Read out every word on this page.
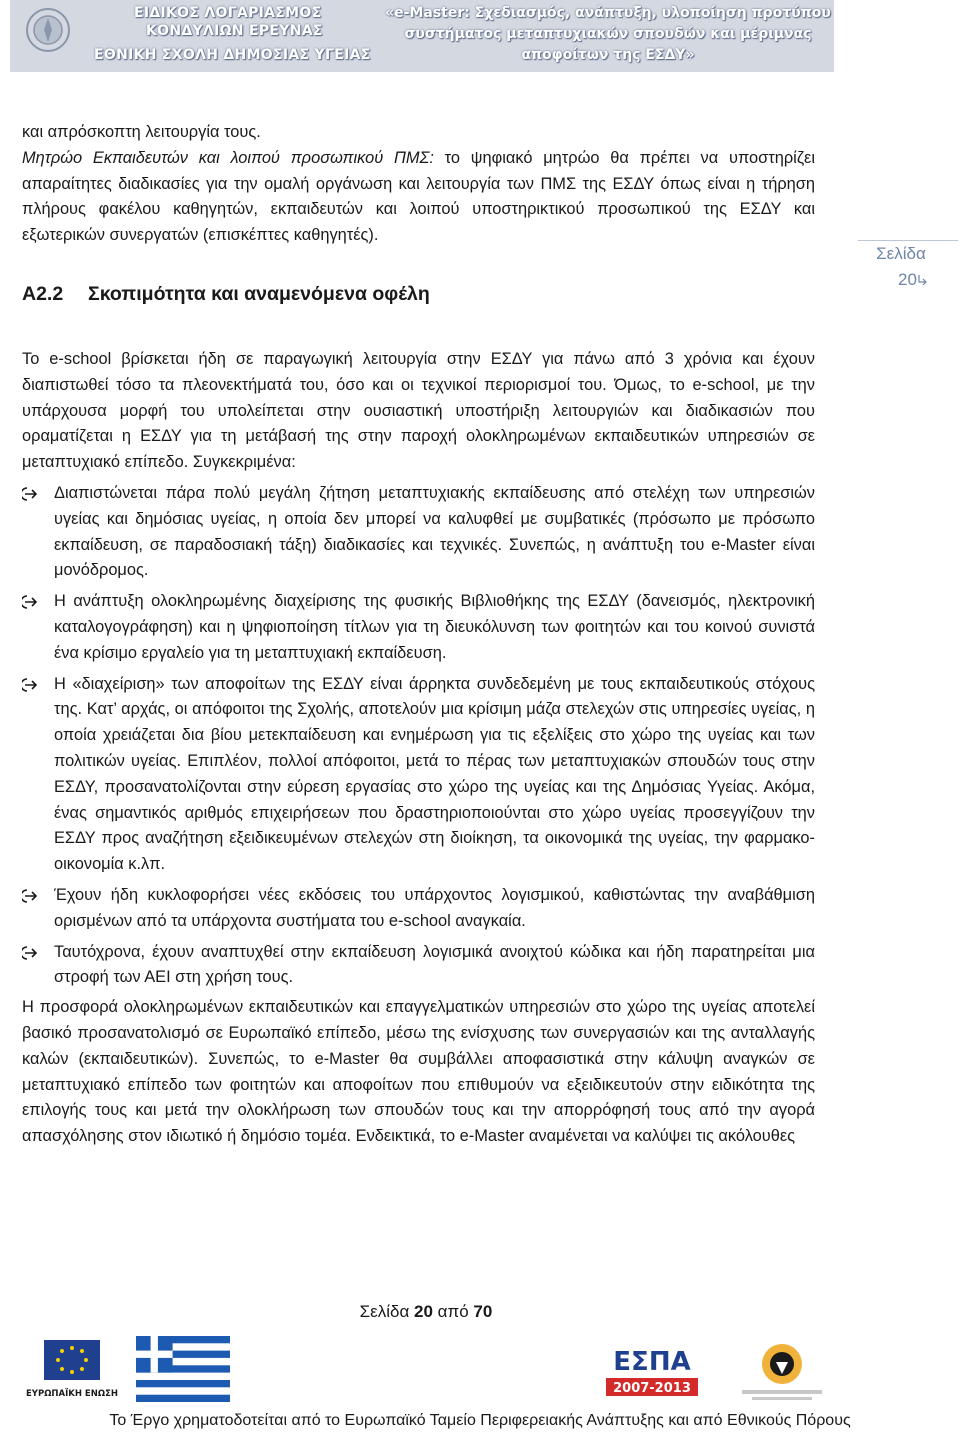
ΕΙΔΙΚΟΣ ΛΟΓΑΡΙΑΣΜΟΣ
ΚΟΝΔΥΛΙΩΝ ΕΡΕΥΝΑΣ
ΕΘΝΙΚΗ ΣΧΟΛΗ ΔΗΜΟΣΙΑΣ ΥΓΕΙΑΣ
«e-Master: Σχεδιασμός, ανάπτυξη, υλοποίηση προτύπου
συστήματος μεταπτυχιακών σπουδών και μέριμνας
αποφοίτων της ΕΣΔΥ»

και απρόσκοπτη λειτουργία τους.

Μητρώο Εκπαιδευτών και λοιπού προσωπικού ΠΜΣ: το ψηφιακό μητρώο θα πρέπει να υποστηρίζει απαραίτητες διαδικασίες για την ομαλή οργάνωση και λειτουργία των ΠΜΣ της ΕΣΔΥ όπως είναι η τήρηση πλήρους φακέλου καθηγητών, εκπαιδευτών και λοιπού υποστηρικτικού προσωπικού της ΕΣΔΥ και εξωτερικών συνεργατών (επισκέπτες καθηγητές).

Α2.2 Σκοπιμότητα και αναμενόμενα οφέλη
Σελίδα
20

Το e-school βρίσκεται ήδη σε παραγωγική λειτουργία στην ΕΣΔΥ για πάνω από 3 χρόνια και έχουν διαπιστωθεί τόσο τα πλεονεκτήματά του, όσο και οι τεχνικοί περιορισμοί του. Όμως, το e-school, με την υπάρχουσα μορφή του υπολείπεται στην ουσιαστική υποστήριξη λειτουργιών και διαδικασιών που οραματίζεται η ΕΣΔΥ για τη μετάβασή της στην παροχή ολοκληρωμένων εκπαιδευτικών υπηρεσιών σε μεταπτυχιακό επίπεδο. Συγκεκριμένα:

Διαπιστώνεται πάρα πολύ μεγάλη ζήτηση μεταπτυχιακής εκπαίδευσης από στελέχη των υπηρεσιών υγείας και δημόσιας υγείας, η οποία δεν μπορεί να καλυφθεί με συμβατικές (πρόσωπο με πρόσωπο εκπαίδευση, σε παραδοσιακή τάξη) διαδικασίες και τεχνικές. Συνεπώς, η ανάπτυξη του e-Master είναι μονόδρομος.
Η ανάπτυξη ολοκληρωμένης διαχείρισης της φυσικής Βιβλιοθήκης της ΕΣΔΥ (δανεισμός, ηλεκτρονική καταλογογράφηση) και η ψηφιοποίηση τίτλων για τη διευκόλυνση των φοιτητών και του κοινού συνιστά ένα κρίσιμο εργαλείο για τη μεταπτυχιακή εκπαίδευση.
Η «διαχείριση» των αποφοίτων της ΕΣΔΥ είναι άρρηκτα συνδεδεμένη με τους εκπαιδευτικούς στόχους της. Κατ’ αρχάς, οι απόφοιτοι της Σχολής, αποτελούν μια κρίσιμη μάζα στελεχών στις υπηρεσίες υγείας, η οποία χρειάζεται δια βίου μετεκπαίδευση και ενημέρωση για τις εξελίξεις στο χώρο της υγείας και των πολιτικών υγείας. Επιπλέον, πολλοί απόφοιτοι, μετά το πέρας των μεταπτυχιακών σπουδών τους στην ΕΣΔΥ, προσανατολίζονται στην εύρεση εργασίας στο χώρο της υγείας και της Δημόσιας Υγείας. Ακόμα, ένας σημαντικός αριθμός επιχειρήσεων που δραστηριοποιούνται στο χώρο υγείας προσεγγίζουν την ΕΣΔΥ προς αναζήτηση εξειδικευμένων στελεχών στη διοίκηση, τα οικονομικά της υγείας, την φαρμακο-οικονομία κ.λπ.
Έχουν ήδη κυκλοφορήσει νέες εκδόσεις του υπάρχοντος λογισμικού, καθιστώντας την αναβάθμιση ορισμένων από τα υπάρχοντα συστήματα του e-school αναγκαία.
Ταυτόχρονα, έχουν αναπτυχθεί στην εκπαίδευση λογισμικά ανοιχτού κώδικα και ήδη παρατηρείται μια στροφή των ΑΕΙ στη χρήση τους.

Η προσφορά ολοκληρωμένων εκπαιδευτικών και επαγγελματικών υπηρεσιών στο χώρο της υγείας αποτελεί βασικό προσανατολισμό σε Ευρωπαϊκό επίπεδο, μέσω της ενίσχυσης των συνεργασιών και της ανταλλαγής καλών (εκπαιδευτικών). Συνεπώς, το e-Master θα συμβάλλει αποφασιστικά στην κάλυψη αναγκών σε μεταπτυχιακό επίπεδο των φοιτητών και αποφοίτων που επιθυμούν να εξειδικευτούν στην ειδικότητα της επιλογής τους και μετά την ολοκλήρωση των σπουδών τους και την απορρόφησή τους από την αγορά απασχόλησης στον ιδιωτικό ή δημόσιο τομέα. Ενδεικτικά, το e-Master αναμένεται να καλύψει τις ακόλουθες

Σελίδα 20 από 70
ΕΥΡΩΠΑΪΚΗ ΕΝΩΣΗ
ΕΣΠΑ
2007-2013
Το Έργο χρηματοδοτείται από το Ευρωπαϊκό Ταμείο Περιφερειακής Ανάπτυξης και από Εθνικούς Πόρους
